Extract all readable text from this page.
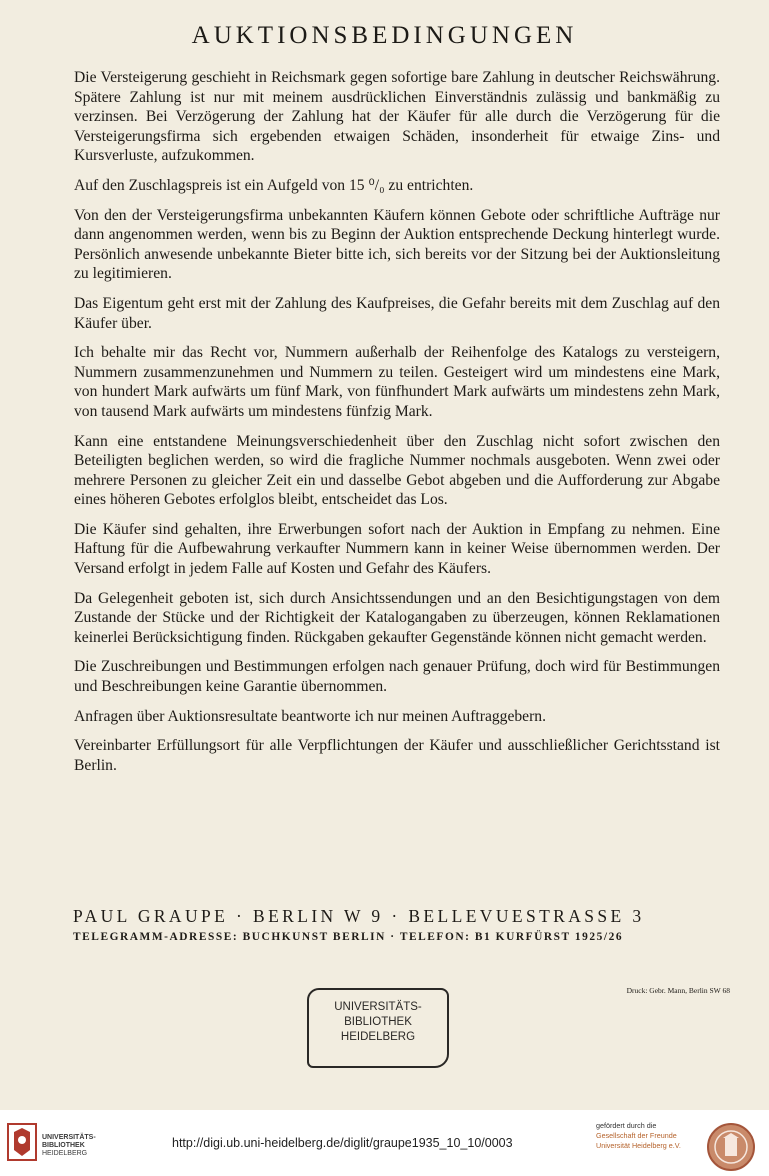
AUKTIONSBEDINGUNGEN

Die Versteigerung geschieht in Reichsmark gegen sofortige bare Zahlung in deutscher Reichswährung. Spätere Zahlung ist nur mit meinem ausdrücklichen Einverständnis zulässig und bankmäßig zu verzinsen. Bei Verzögerung der Zahlung hat der Käufer für alle durch die Verzögerung für die Versteigerungsfirma sich ergebenden etwaigen Schäden, insonderheit für etwaige Zins- und Kursverluste, aufzukommen.

Auf den Zuschlagspreis ist ein Aufgeld von 15 ⁰/₀ zu entrichten.

Von den der Versteigerungsfirma unbekannten Käufern können Gebote oder schriftliche Aufträge nur dann angenommen werden, wenn bis zu Beginn der Auktion entsprechende Deckung hinterlegt wurde. Persönlich anwesende unbekannte Bieter bitte ich, sich bereits vor der Sitzung bei der Auktionsleitung zu legitimieren.

Das Eigentum geht erst mit der Zahlung des Kaufpreises, die Gefahr bereits mit dem Zuschlag auf den Käufer über.

Ich behalte mir das Recht vor, Nummern außerhalb der Reihenfolge des Katalogs zu versteigern, Nummern zusammenzunehmen und Nummern zu teilen. Gesteigert wird um mindestens eine Mark, von hundert Mark aufwärts um fünf Mark, von fünfhundert Mark aufwärts um mindestens zehn Mark, von tausend Mark aufwärts um mindestens fünfzig Mark.

Kann eine entstandene Meinungsverschiedenheit über den Zuschlag nicht sofort zwischen den Beteiligten beglichen werden, so wird die fragliche Nummer nochmals ausgeboten. Wenn zwei oder mehrere Personen zu gleicher Zeit ein und dasselbe Gebot abgeben und die Aufforderung zur Abgabe eines höheren Gebotes erfolglos bleibt, entscheidet das Los.

Die Käufer sind gehalten, ihre Erwerbungen sofort nach der Auktion in Empfang zu nehmen. Eine Haftung für die Aufbewahrung verkaufter Nummern kann in keiner Weise übernommen werden. Der Versand erfolgt in jedem Falle auf Kosten und Gefahr des Käufers.

Da Gelegenheit geboten ist, sich durch Ansichtssendungen und an den Besichtigungstagen von dem Zustande der Stücke und der Richtigkeit der Katalogangaben zu überzeugen, können Reklamationen keinerlei Berücksichtigung finden. Rückgaben gekaufter Gegenstände können nicht gemacht werden.

Die Zuschreibungen und Bestimmungen erfolgen nach genauer Prüfung, doch wird für Bestimmungen und Beschreibungen keine Garantie übernommen.

Anfragen über Auktionsresultate beantworte ich nur meinen Auftraggebern.

Vereinbarter Erfüllungsort für alle Verpflichtungen der Käufer und ausschließlicher Gerichtsstand ist Berlin.

PAUL GRAUPE · BERLIN W 9 · BELLEVUESTRASSE 3
TELEGRAMM-ADRESSE: BUCHKUNST BERLIN · TELEFON: B1 KURFÜRST 1925/26
Druck: Gebr. Mann, Berlin SW 68
UNIVERSITÄTS-
BIBLIOTHEK
HEIDELBERG
UNIVERSITÄTS-
BIBLIOTHEK
HEIDELBERG
http://digi.ub.uni-heidelberg.de/diglit/graupe1935_10_10/0003
gefördert durch die
Gesellschaft der Freunde
Universität Heidelberg e.V.
